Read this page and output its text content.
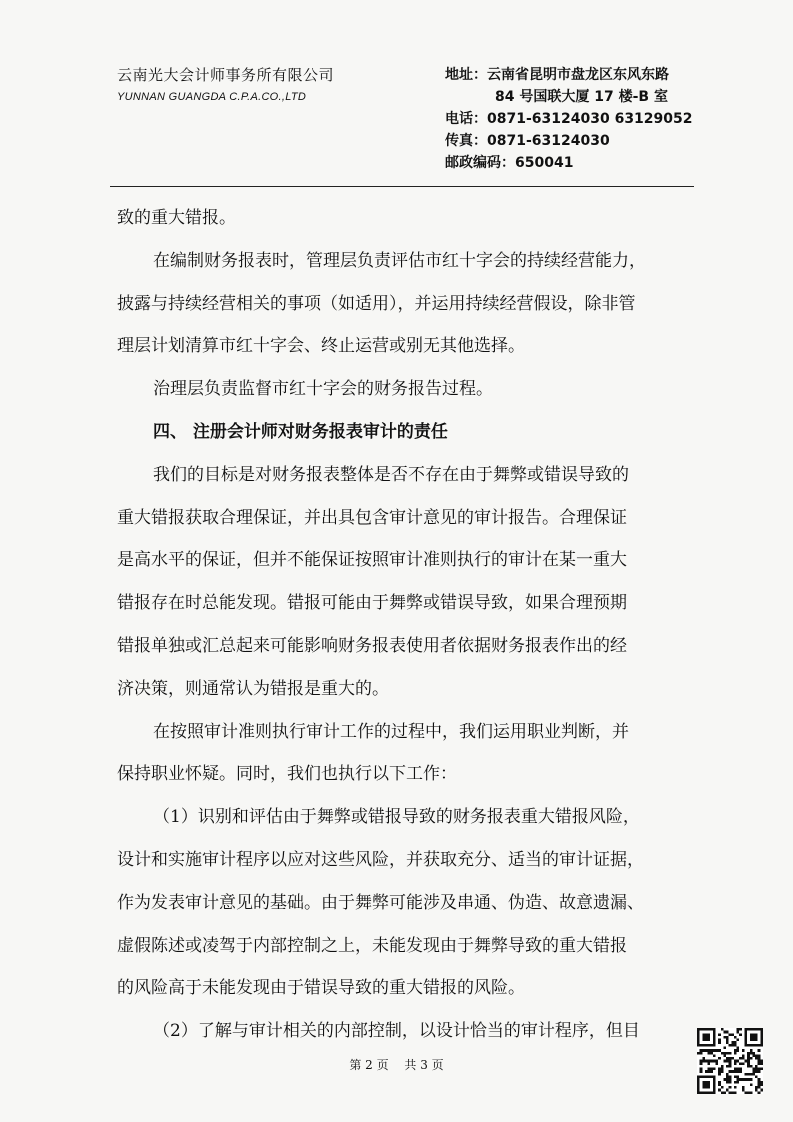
云南光大会计师事务所有限公司
YUNNAN GUANGDA C.P.A.CO.,LTD
地址：云南省昆明市盘龙区东风东路
84 号国联大厦 17 楼-B 室
电话：0871-63124030 63129052
传真：0871-63124030
邮政编码：650041
致的重大错报。
在编制财务报表时，管理层负责评估市红十字会的持续经营能力，
披露与持续经营相关的事项（如适用），并运用持续经营假设，除非管
理层计划清算市红十字会、终止运营或别无其他选择。
治理层负责监督市红十字会的财务报告过程。
四、 注册会计师对财务报表审计的责任
我们的目标是对财务报表整体是否不存在由于舞弊或错误导致的
重大错报获取合理保证，并出具包含审计意见的审计报告。合理保证
是高水平的保证，但并不能保证按照审计准则执行的审计在某一重大
错报存在时总能发现。错报可能由于舞弊或错误导致，如果合理预期
错报单独或汇总起来可能影响财务报表使用者依据财务报表作出的经
济决策，则通常认为错报是重大的。
在按照审计准则执行审计工作的过程中，我们运用职业判断，并
保持职业怀疑。同时，我们也执行以下工作：
（1）识别和评估由于舞弊或错报导致的财务报表重大错报风险，
设计和实施审计程序以应对这些风险，并获取充分、适当的审计证据，
作为发表审计意见的基础。由于舞弊可能涉及串通、伪造、故意遗漏、
虚假陈述或凌驾于内部控制之上，未能发现由于舞弊导致的重大错报
的风险高于未能发现由于错误导致的重大错报的风险。
（2）了解与审计相关的内部控制，以设计恰当的审计程序，但目
第 2 页 共 3 页
